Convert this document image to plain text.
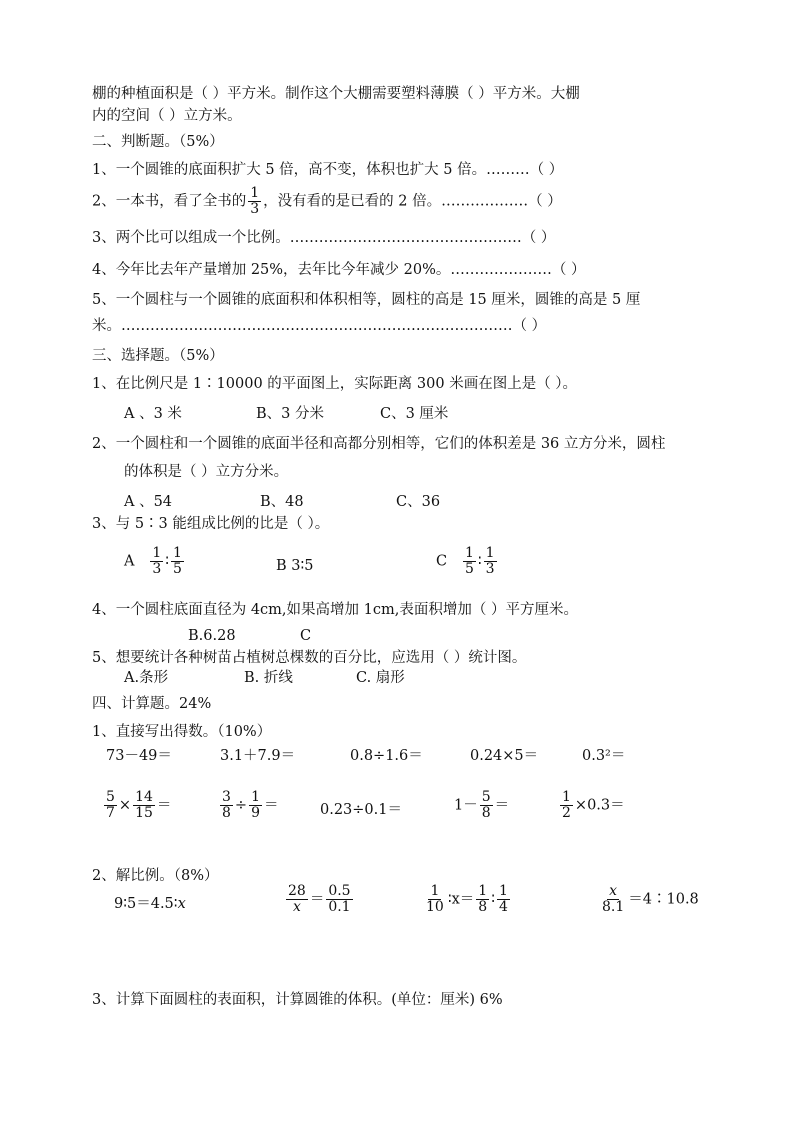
棚的种植面积是（ ）平方米。制作这个大棚需要塑料薄膜（ ）平方米。大棚
内的空间（ ）立方米。
二、判断题。（5%）
1、一个圆锥的底面积扩大 5 倍，高不变，体积也扩大 5 倍。………（ ）
2、一本书，看了全书的 $\frac{1}{3}$ ，没有看的是已看的 2 倍。………………（ ）
3、两个比可以组成一个比例。…………………………………………（ ）
4、今年比去年产量增加 25%，去年比今年减少 20%。…………………（ ）
5、一个圆柱与一个圆锥的底面积和体积相等，圆柱的高是 15 厘米，圆锥的高是 5 厘
米。………………………………………………………………………（ ）
三、选择题。（5%）
1、在比例尺是 1∶10000 的平面图上，实际距离 300 米画在图上是（ ）。
A 、3 米	B、3 分米	C、3 厘米
2、一个圆柱和一个圆锥的底面半径和高都分别相等，它们的体积差是 36 立方分米，圆柱
的体积是（ ）立方分米。
A 、54	B、48	C、36
3、与 5∶3 能组成比例的比是（ ）。
A $\frac{1}{3}$ ∶ $\frac{1}{5}$	B 3∶5	C $\frac{1}{5}$ ∶ $\frac{1}{3}$
4、一个圆柱底面直径为 4cm,如果高增加 1cm,表面积增加（ ）平方厘米。
B.6.28	C
5、想要统计各种树苗占植树总棵数的百分比，应选用（ ）统计图。
A.条形	B. 折线	C. 扇形
四、计算题。24%
1、直接写出得数。（10%）
73－49＝	3.1＋7.9＝	0.8÷1.6＝	0.24×5＝	0.3²＝
$\frac{5}{7} \times \frac{14}{15}$ ＝	$\frac{3}{8} \div \frac{1}{9}$ ＝	0.23÷0.1＝	$1- \frac{5}{8}$ ＝	$\frac{1}{2} \times 0.3=$
2、解比例。（8%）
9∶5＝4.5∶x	$\frac{28}{x} = \frac{0.5}{0.1}$	$\frac{1}{10}$ ∶x＝ $\frac{1}{8}$ ∶ $\frac{1}{4}$	$\frac{x}{8.1}$ ＝4∶10.8
3、计算下面圆柱的表面积，计算圆锥的体积。(单位：厘米) 6%
